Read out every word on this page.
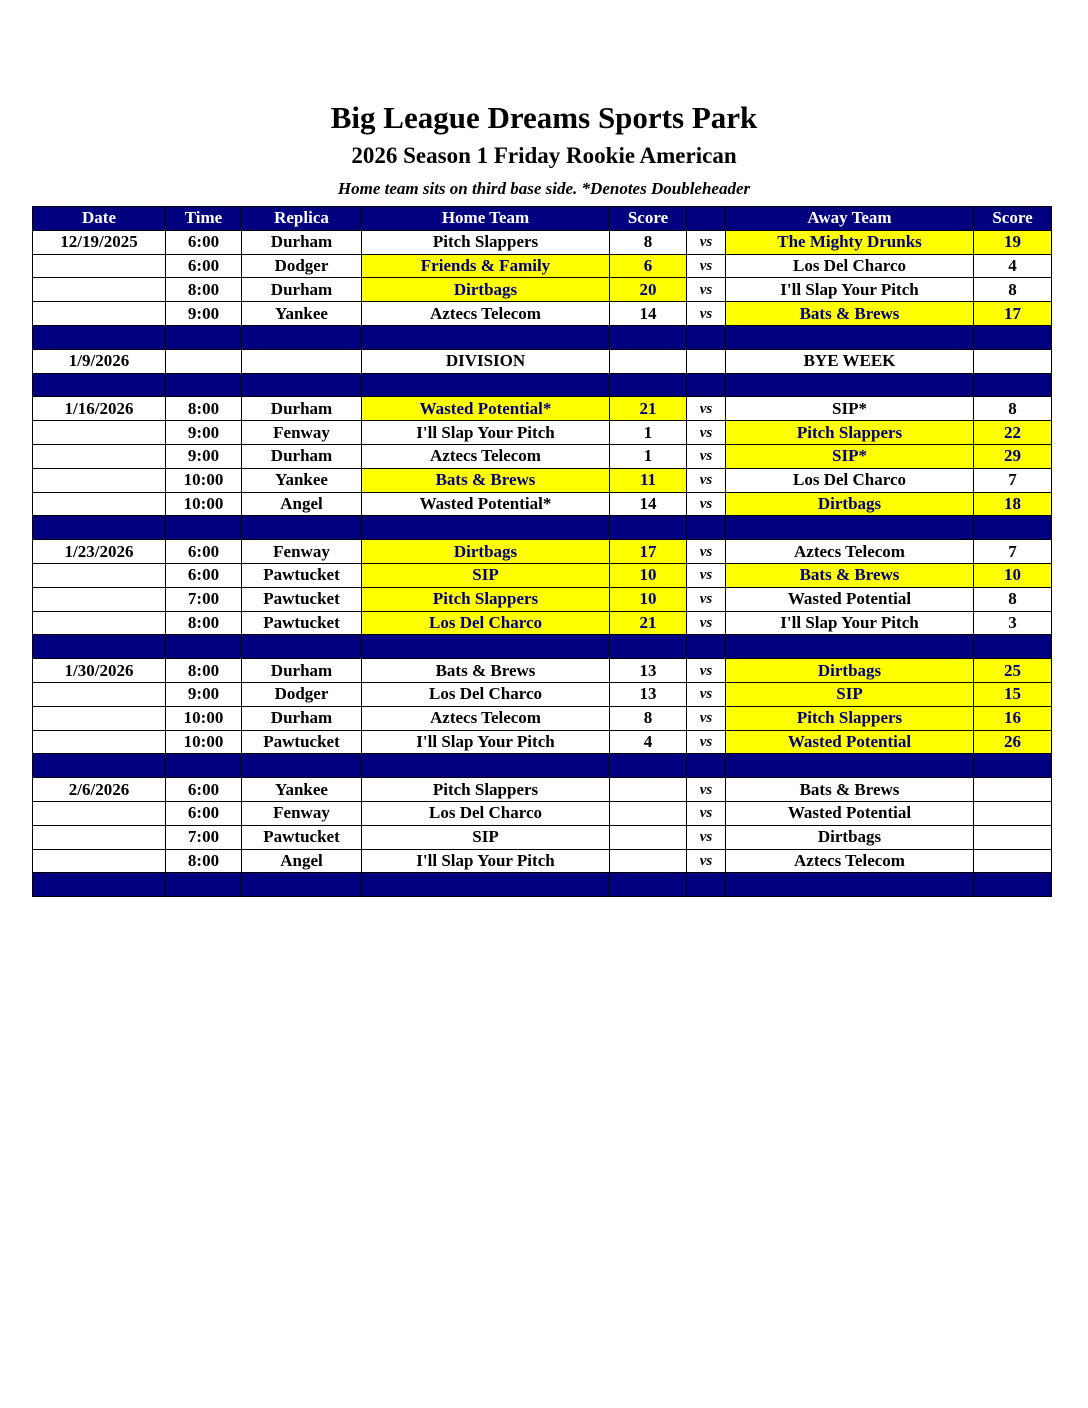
Big League Dreams Sports Park
2026 Season 1 Friday Rookie American
Home team sits on third base side. *Denotes Doubleheader
Date	Time	Replica	Home Team	Score		Away Team	Score
12/19/2025	6:00	Durham	Pitch Slappers	8	vs	The Mighty Drunks	19
	6:00	Dodger	Friends & Family	6	vs	Los Del Charco	4
	8:00	Durham	Dirtbags	20	vs	I'll Slap Your Pitch	8
	9:00	Yankee	Aztecs Telecom	14	vs	Bats & Brews	17

1/9/2026			DIVISION			BYE WEEK	

1/16/2026	8:00	Durham	Wasted Potential*	21	vs	SIP*	8
	9:00	Fenway	I'll Slap Your Pitch	1	vs	Pitch Slappers	22
	9:00	Durham	Aztecs Telecom	1	vs	SIP*	29
	10:00	Yankee	Bats & Brews	11	vs	Los Del Charco	7
	10:00	Angel	Wasted Potential*	14	vs	Dirtbags	18

1/23/2026	6:00	Fenway	Dirtbags	17	vs	Aztecs Telecom	7
	6:00	Pawtucket	SIP	10	vs	Bats & Brews	10
	7:00	Pawtucket	Pitch Slappers	10	vs	Wasted Potential	8
	8:00	Pawtucket	Los Del Charco	21	vs	I'll Slap Your Pitch	3

1/30/2026	8:00	Durham	Bats & Brews	13	vs	Dirtbags	25
	9:00	Dodger	Los Del Charco	13	vs	SIP	15
	10:00	Durham	Aztecs Telecom	8	vs	Pitch Slappers	16
	10:00	Pawtucket	I'll Slap Your Pitch	4	vs	Wasted Potential	26

2/6/2026	6:00	Yankee	Pitch Slappers		vs	Bats & Brews	
	6:00	Fenway	Los Del Charco		vs	Wasted Potential	
	7:00	Pawtucket	SIP		vs	Dirtbags	
	8:00	Angel	I'll Slap Your Pitch		vs	Aztecs Telecom	
